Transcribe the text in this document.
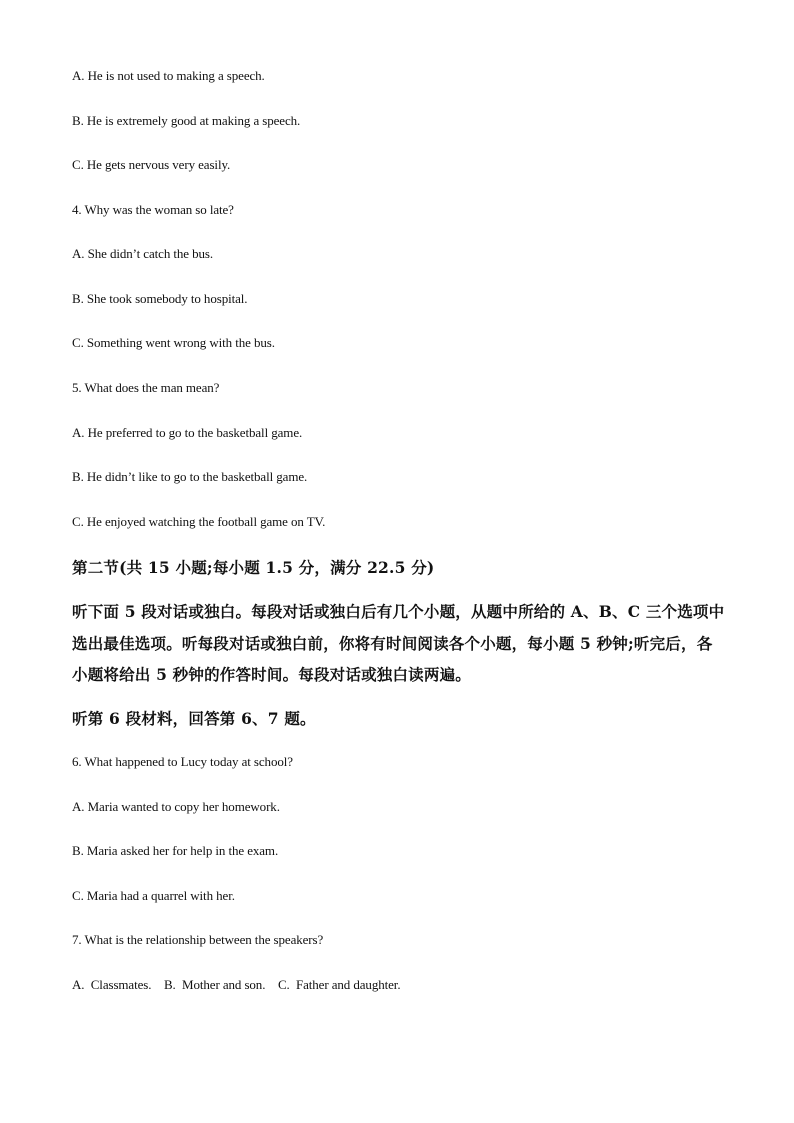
A. He is not used to making a speech.
B. He is extremely good at making a speech.
C. He gets nervous very easily.
4. Why was the woman so late?
A. She didn’t catch the bus.
B. She took somebody to hospital.
C. Something went wrong with the bus.
5. What does the man mean?
A. He preferred to go to the basketball game.
B. He didn’t like to go to the basketball game.
C. He enjoyed watching the football game on TV.
第二节(共 15 小题;每小题 1.5 分，满分 22.5 分)
听下面 5 段对话或独白。每段对话或独白后有几个小题，从题中所给的 A、B、C 三个选项中
选出最佳选项。听每段对话或独白前，你将有时间阅读各个小题，每小题 5 秒钟;听完后，各
小题将给出 5 秒钟的作答时间。每段对话或独白读两遍。
听第 6 段材料，回答第 6、7 题。
6. What happened to Lucy today at school?
A. Maria wanted to copy her homework.
B. Maria asked her for help in the exam.
C. Maria had a quarrel with her.
7. What is the relationship between the speakers?
A.  Classmates.    B.  Mother and son.    C.  Father and daughter.
